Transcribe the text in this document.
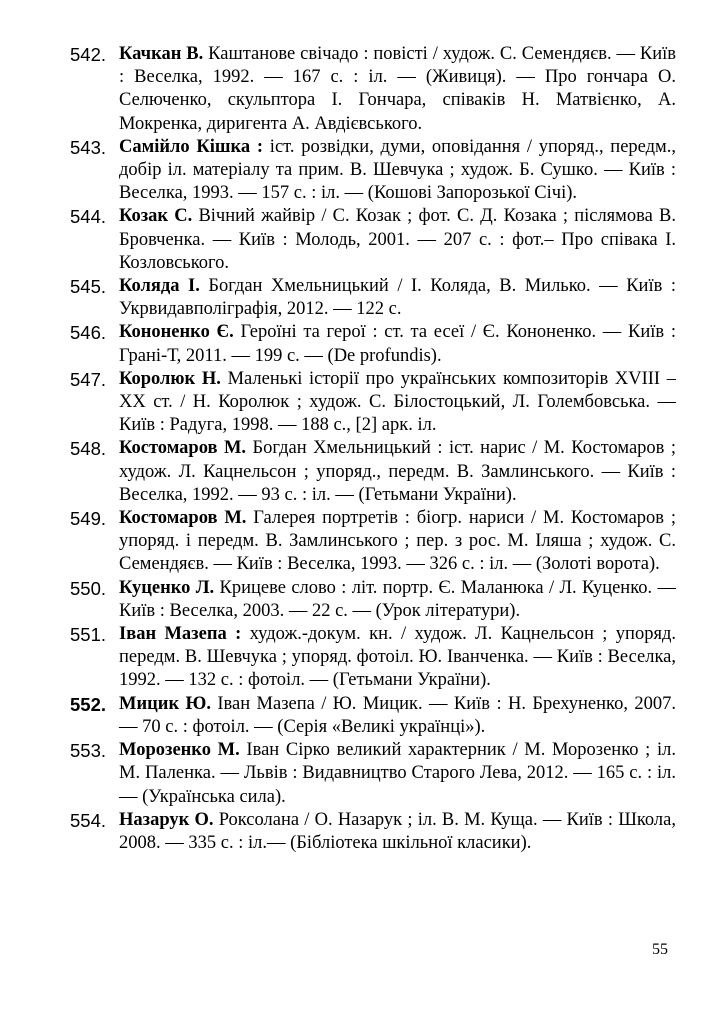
542. Качкан В. Каштанове свічадо : повісті / худож. С. Семендяєв. — Київ : Веселка, 1992. — 167 с. : іл. — (Живиця). — Про гончара О. Селюченко, скульптора І. Гончара, співаків Н. Матвієнко, А. Мокренка, диригента А. Авдієвського.

543. Самійло Кішка : іст. розвідки, думи, оповідання / упоряд., передм., добір іл. матеріалу та прим. В. Шевчука ; худож. Б. Сушко. — Київ : Веселка, 1993. — 157 с. : іл. — (Кошові Запорозької Січі).

544. Козак С. Вічний жайвір / С. Козак ; фот. С. Д. Козака ; післямова В. Бровченка. — Київ : Молодь, 2001. — 207 с. : фот.– Про співака І. Козловського.

545. Коляда І. Богдан Хмельницький / І. Коляда, В. Милько. — Київ : Укрвидавполіграфія, 2012. — 122 с.

546. Кононенко Є. Героїні та герої : ст. та есеї / Є. Кононенко. — Київ : Грані-Т, 2011. — 199 с. — (De profundis).

547. Королюк Н. Маленькі історії про українських композиторів XVIII – XX ст. / Н. Королюк ; худож. С. Білостоцький, Л. Голембовська. — Київ : Радуга, 1998. — 188 с., [2] арк. іл.

548. Костомаров М. Богдан Хмельницький : іст. нарис / М. Костомаров ; худож. Л. Кацнельсон ; упоряд., передм. В. Замлинського. — Київ : Веселка, 1992. — 93 с. : іл. — (Гетьмани України).

549. Костомаров М. Галерея портретів : біогр. нариси / М. Костомаров ; упоряд. і передм. В. Замлинського ; пер. з рос. М. Іляша ; худож. С. Семендяєв. — Київ : Веселка, 1993. — 326 с. : іл. — (Золоті ворота).

550. Куценко Л. Крицеве слово : літ. портр. Є. Маланюка / Л. Куценко. — Київ : Веселка, 2003. — 22 с. — (Урок літератури).

551. Іван Мазепа : худож.-докум. кн. / худож. Л. Кацнельсон ; упоряд. передм. В. Шевчука ; упоряд. фотоіл. Ю. Іванченка. — Київ : Веселка, 1992. — 132 с. : фотоіл. — (Гетьмани України).

552. Мицик Ю. Іван Мазепа / Ю. Мицик. — Київ : Н. Брехуненко, 2007. — 70 с. : фотоіл. — (Серія «Великі українці»).

553. Морозенко М. Іван Сірко великий характерник / М. Морозенко ; іл. М. Паленка. — Львів : Видавництво Старого Лева, 2012. — 165 с. : іл. — (Українська сила).

554. Назарук О. Роксолана / О. Назарук ; іл. В. М. Куща. — Київ : Школа, 2008. — 335 с. : іл.— (Бібліотека шкільної класики).

55
